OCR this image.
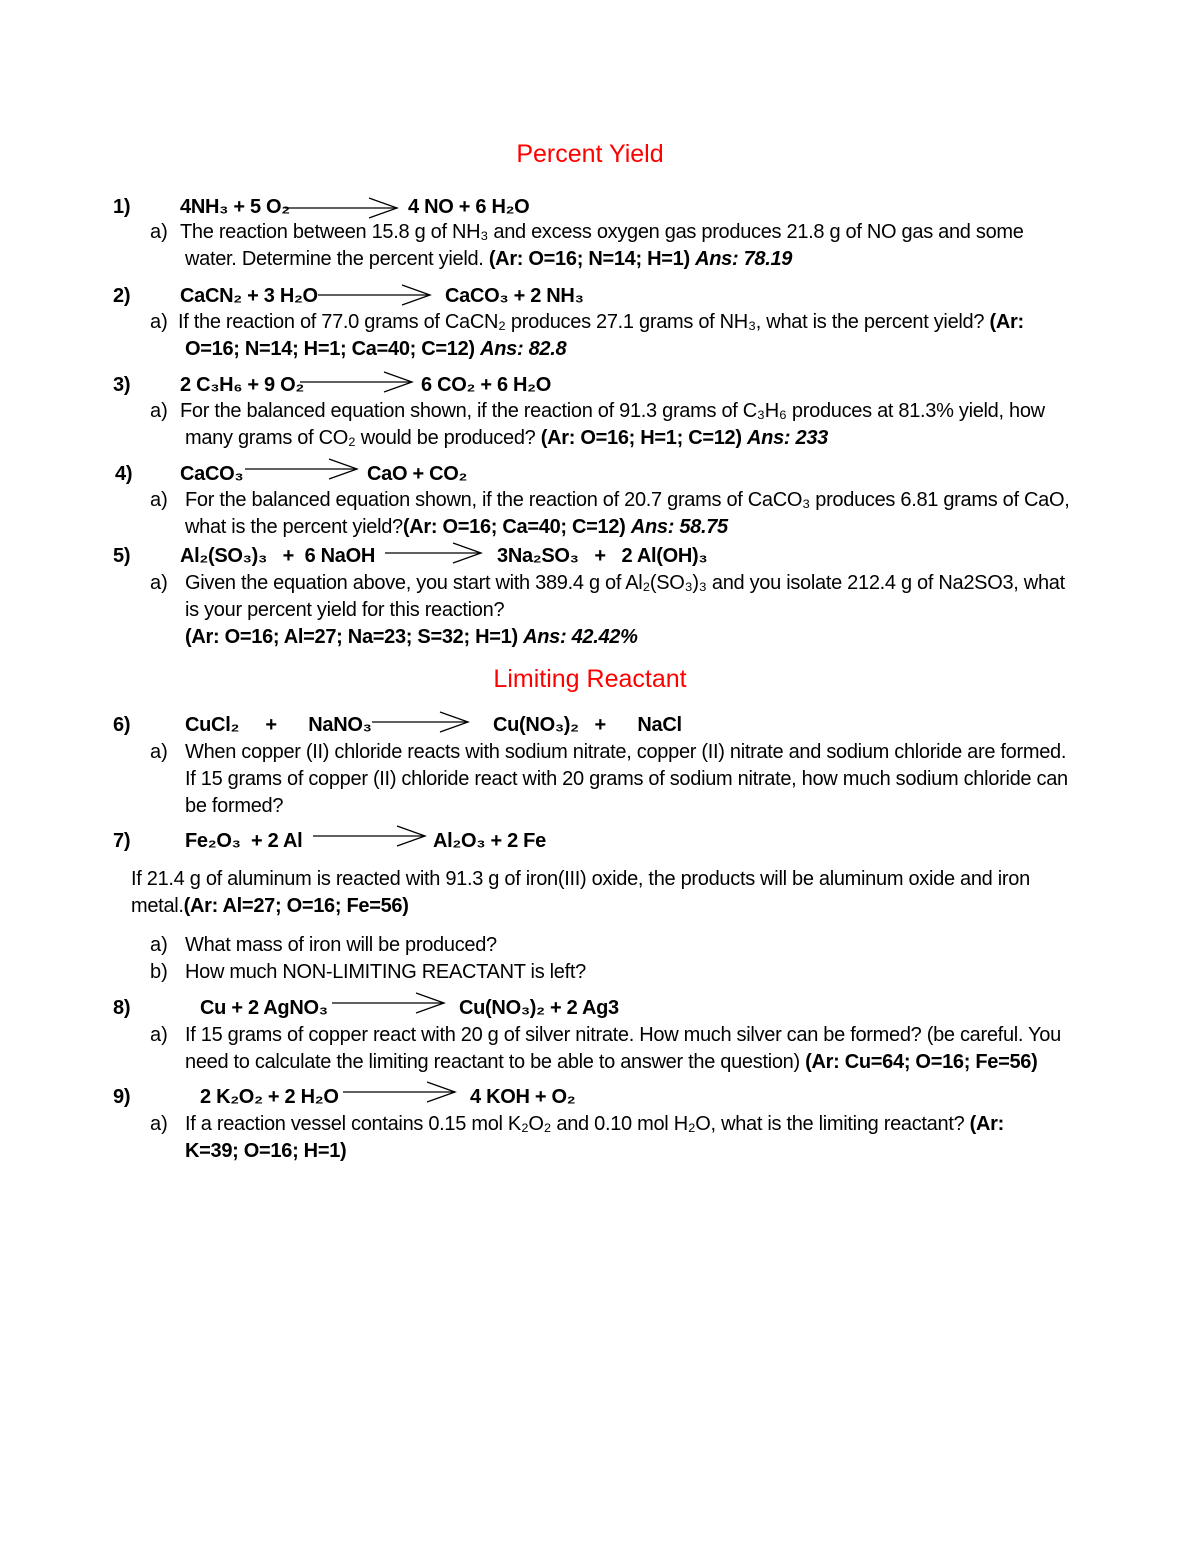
Percent Yield
1) 4NH₃ + 5 O₂	4 NO + 6 H₂O
a) The reaction between 15.8 g of NH₃ and excess oxygen gas produces 21.8 g of NO gas and some
water. Determine the percent yield. (Ar: O=16; N=14; H=1) Ans: 78.19
2) CaCN₂ + 3 H₂O	CaCO₃ + 2 NH₃
a) If the reaction of 77.0 grams of CaCN₂ produces 27.1 grams of NH₃, what is the percent yield? (Ar:
O=16; N=14; H=1; Ca=40; C=12) Ans: 82.8
3) 2 C₃H₆ + 9 O₂	6 CO₂ + 6 H₂O
a) For the balanced equation shown, if the reaction of 91.3 grams of C₃H₆ produces at 81.3% yield, how
many grams of CO₂ would be produced? (Ar: O=16; H=1; C=12) Ans: 233
4) CaCO₃	CaO + CO₂
a) For the balanced equation shown, if the reaction of 20.7 grams of CaCO₃ produces 6.81 grams of CaO,
what is the percent yield?(Ar: O=16; Ca=40; C=12) Ans: 58.75
5) Al₂(SO₃)₃   +  6 NaOH	3Na₂SO₃   +   2 Al(OH)₃
a) Given the equation above, you start with 389.4 g of Al₂(SO₃)₃ and you isolate 212.4 g of Na2SO3, what
is your percent yield for this reaction?
(Ar: O=16; Al=27; Na=23; S=32; H=1) Ans: 42.42%
Limiting Reactant
6)	CuCl₂     +      NaNO₃	Cu(NO₃)₂   +      NaCl
a) When copper (II) chloride reacts with sodium nitrate, copper (II) nitrate and sodium chloride are formed.
If 15 grams of copper (II) chloride react with 20 grams of sodium nitrate, how much sodium chloride can
be formed?
7)	Fe₂O₃  + 2 Al	Al₂O₃ + 2 Fe
If 21.4 g of aluminum is reacted with 91.3 g of iron(III) oxide, the products will be aluminum oxide and iron
metal.(Ar: Al=27; O=16; Fe=56)
a) What mass of iron will be produced?
b) How much NON-LIMITING REACTANT is left?
8)	Cu + 2 AgNO₃	Cu(NO₃)₂ + 2 Ag3
a) If 15 grams of copper react with 20 g of silver nitrate. How much silver can be formed? (be careful. You
need to calculate the limiting reactant to be able to answer the question) (Ar: Cu=64; O=16; Fe=56)
9)	2 K₂O₂ + 2 H₂O	4 KOH + O₂
a) If a reaction vessel contains 0.15 mol K₂O₂ and 0.10 mol H₂O, what is the limiting reactant? (Ar:
K=39; O=16; H=1)
